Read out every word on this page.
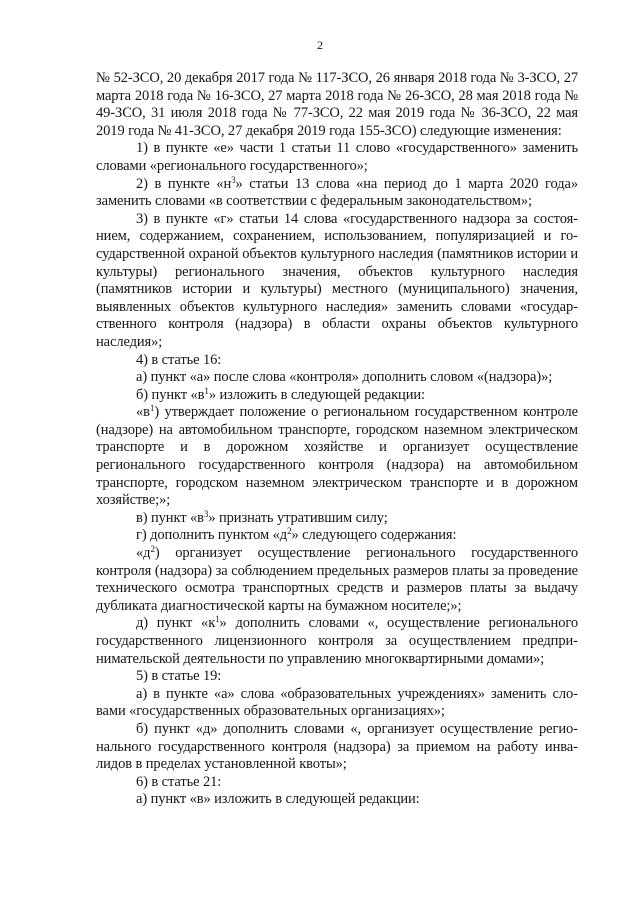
2

№ 52-ЗСО, 20 декабря 2017 года № 117-ЗСО, 26 января 2018 года № 3-ЗСО, 27 марта 2018 года № 16-ЗСО, 27 марта 2018 года № 26-ЗСО, 28 мая 2018 года № 49-ЗСО, 31 июля 2018 года № 77-ЗСО, 22 мая 2019 года № 36-ЗСО, 22 мая 2019 года № 41-ЗСО, 27 декабря 2019 года 155-ЗСО) следующие изменения:

1) в пункте «е» части 1 статьи 11 слово «государственного» заменить словами «регионального государственного»;

2) в пункте «$н^3$» статьи 13 слова «на период до 1 марта 2020 года» заменить словами «в соответствии с федеральным законодательством»;

3) в пункте «г» статьи 14 слова «государственного надзора за состоянием, содержанием, сохранением, использованием, популяризацией и государственной охраной объектов культурного наследия (памятников истории и культуры) регионального значения, объектов культурного наследия (памятников истории и культуры) местного (муниципального) значения, выявленных объектов культурного наследия» заменить словами «государственного контроля (надзора) в области охраны объектов культурного наследия»;

4) в статье 16:

а) пункт «а» после слова «контроля» дополнить словом «(надзора)»;

б) пункт «$в^1$» изложить в следующей редакции:

«$в^1$) утверждает положение о региональном государственном контроле (надзоре) на автомобильном транспорте, городском наземном электрическом транспорте и в дорожном хозяйстве и организует осуществление регионального государственного контроля (надзора) на автомобильном транспорте, городском наземном электрическом транспорте и в дорожном хозяйстве;»;

в) пункт «$в^3$» признать утратившим силу;

г) дополнить пунктом «$д^2$» следующего содержания:

«$д^2$) организует осуществление регионального государственного контроля (надзора) за соблюдением предельных размеров платы за проведение технического осмотра транспортных средств и размеров платы за выдачу дубликата диагностической карты на бумажном носителе;»;

д) пункт «$к^1$» дополнить словами «, осуществление регионального государственного лицензионного контроля за осуществлением предпринимательской деятельности по управлению многоквартирными домами»;

5) в статье 19:

а) в пункте «а» слова «образовательных учреждениях» заменить словами «государственных образовательных организациях»;

б) пункт «д» дополнить словами «, организует осуществление регионального государственного контроля (надзора) за приемом на работу инвалидов в пределах установленной квоты»;

6) в статье 21:

а) пункт «в» изложить в следующей редакции:
